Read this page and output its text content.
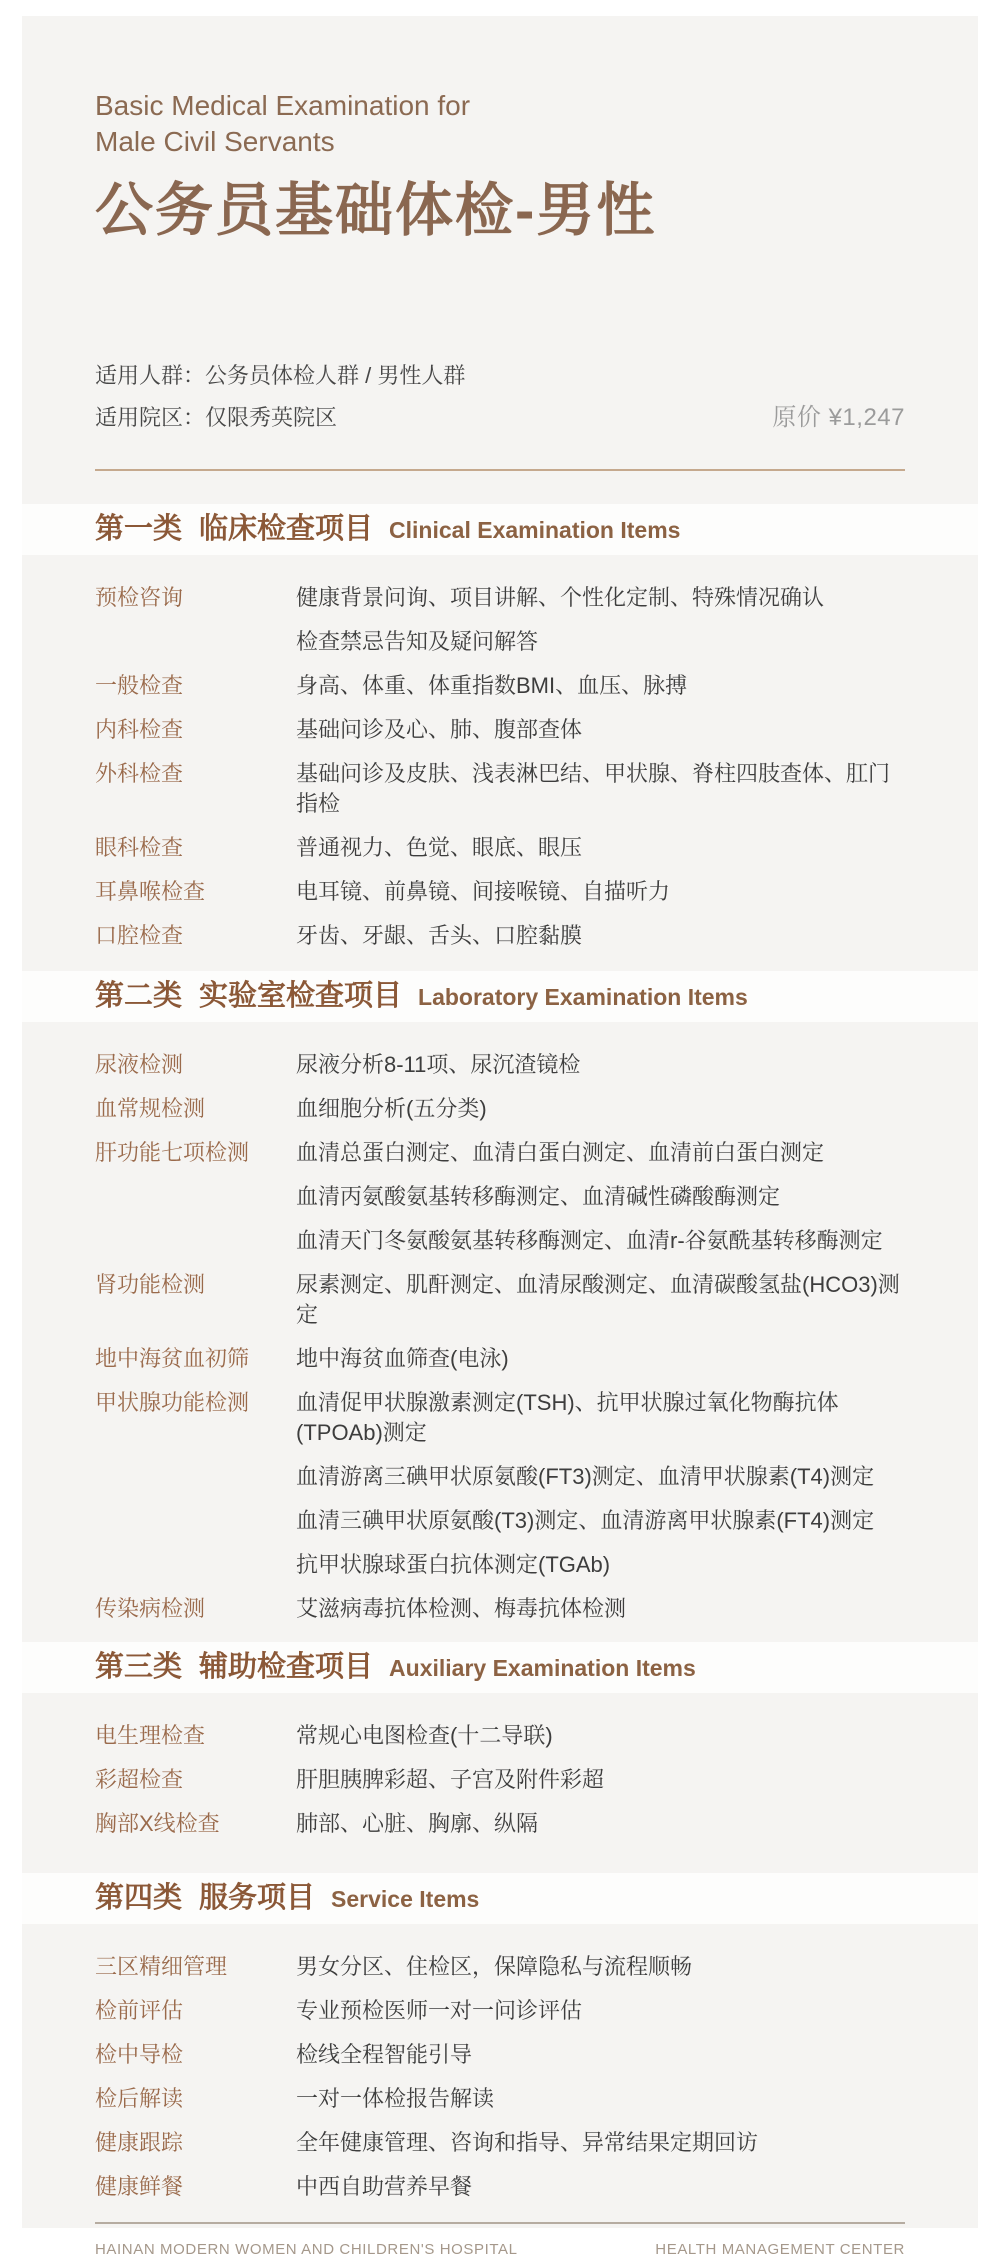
Basic Medical Examination for
Male Civil Servants
公务员基础体检-男性
适用人群： 公务员体检人群 / 男性人群
适用院区： 仅限秀英院区	原价 ¥1,247
第一类 临床检查项目 Clinical Examination Items
预检咨询	健康背景问询、项目讲解、个性化定制、特殊情况确认
检查禁忌告知及疑问解答
一般检查	身高、体重、体重指数BMI、血压、脉搏
内科检查	基础问诊及心、肺、腹部查体
外科检查	基础问诊及皮肤、浅表淋巴结、甲状腺、脊柱四肢查体、肛门指检
眼科检查	普通视力、色觉、眼底、眼压
耳鼻喉检查	电耳镜、前鼻镜、间接喉镜、自描听力
口腔检查	牙齿、牙龈、舌头、口腔黏膜
第二类 实验室检查项目 Laboratory Examination Items
尿液检测	尿液分析8-11项、尿沉渣镜检
血常规检测	血细胞分析(五分类)
肝功能七项检测	血清总蛋白测定、血清白蛋白测定、血清前白蛋白测定
血清丙氨酸氨基转移酶测定、血清碱性磷酸酶测定
血清天门冬氨酸氨基转移酶测定、血清r-谷氨酰基转移酶测定
肾功能检测	尿素测定、肌酐测定、血清尿酸测定、血清碳酸氢盐(HCO3)测定
地中海贫血初筛	地中海贫血筛查(电泳)
甲状腺功能检测	血清促甲状腺激素测定(TSH)、抗甲状腺过氧化物酶抗体(TPOAb)测定
血清游离三碘甲状原氨酸(FT3)测定、血清甲状腺素(T4)测定
血清三碘甲状原氨酸(T3)测定、血清游离甲状腺素(FT4)测定
抗甲状腺球蛋白抗体测定(TGAb)
传染病检测	艾滋病毒抗体检测、梅毒抗体检测
第三类 辅助检查项目 Auxiliary Examination Items
电生理检查	常规心电图检查(十二导联)
彩超检查	肝胆胰脾彩超、子宫及附件彩超
胸部X线检查	肺部、心脏、胸廓、纵隔
第四类 服务项目 Service Items
三区精细管理	男女分区、住检区，保障隐私与流程顺畅
检前评估	专业预检医师一对一问诊评估
检中导检	检线全程智能引导
检后解读	一对一体检报告解读
健康跟踪	全年健康管理、咨询和指导、异常结果定期回访
健康鲜餐	中西自助营养早餐
HAINAN MODERN WOMEN AND CHILDREN'S HOSPITAL	HEALTH MANAGEMENT CENTER
